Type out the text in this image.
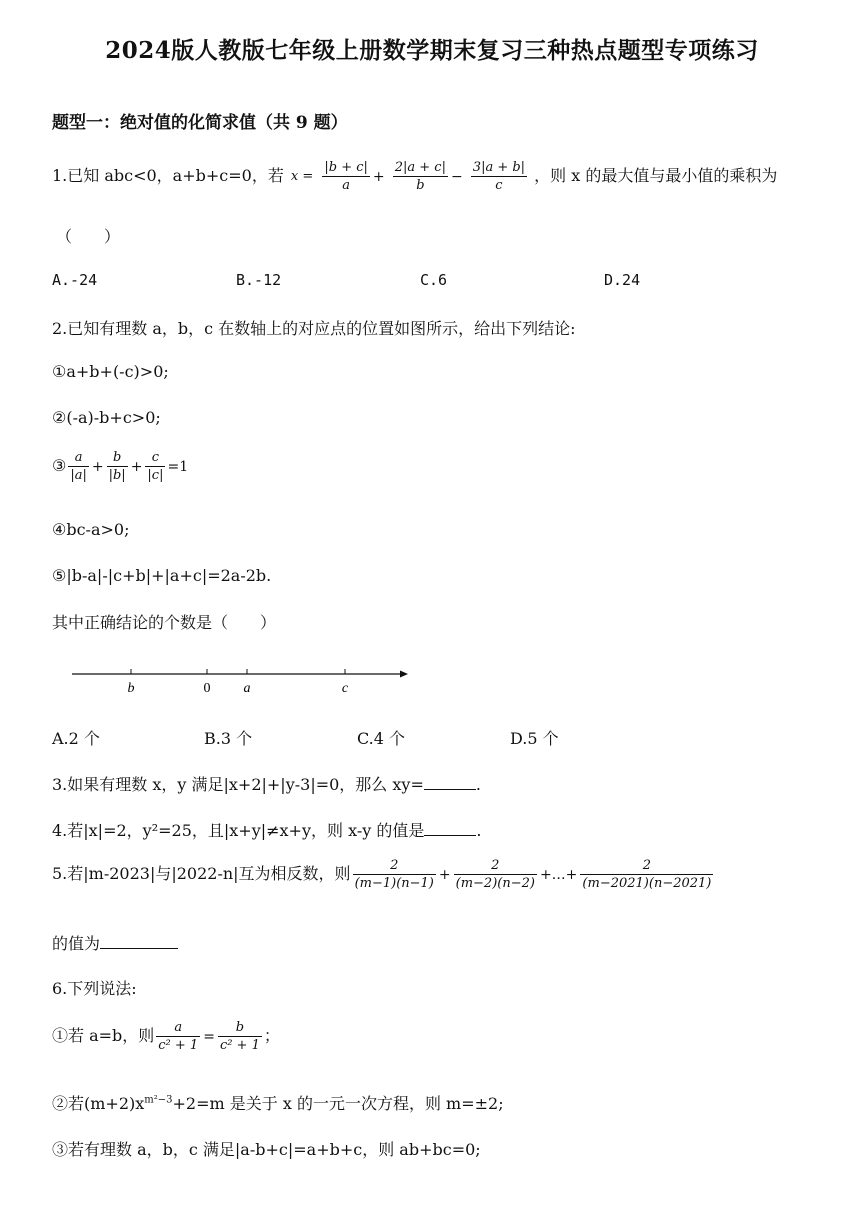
2024版人教版七年级上册数学期末复习三种热点题型专项练习
题型一：绝对值的化简求值（共 9 题）
1.已知 abc<0，a+b+c=0，若 $x = \frac{|b + c|}{a} + \frac{2|a + c|}{b} - \frac{3|a + b|}{c}$ ，则 x 的最大值与最小值的乘积为
（　　）
A.-24	B.-12	C.6	D.24
2.已知有理数 a，b，c 在数轴上的对应点的位置如图所示，给出下列结论:
①a+b+(-c)>0;
②(-a)-b+c>0;
③ $\frac{a}{|a|} + \frac{b}{|b|} + \frac{c}{|c|} =1$
④bc-a>0;
⑤|b-a|-|c+b|+|a+c|=2a-2b.
其中正确结论的个数是（　　）
b	0 a	c
A.2 个	B.3 个	C.4 个	D.5 个
3.如果有理数 x，y 满足|x+2|+|y-3|=0，那么 xy=	.
4.若|x|=2，y²=25，且|x+y|≠x+y，则 x-y 的值是	.
5.若|m-2023|与|2022-n|互为相反数，则 $\frac{2}{(m-1)(n-1)} + \frac{2}{(m-2)(n-2)}$ +…+ $\frac{2}{(m-2021)(n-2021)}$
的值为
6.下列说法:
①若 a=b，则 $\frac{a}{\text{c² + 1}} = \frac{b}{\text{c² + 1}}$ ；
②若$(m+2)x^{m^2-3}+2=m$ 是关于 x 的一元一次方程，则 m=±2;
③若有理数 a，b，c 满足|a-b+c|=a+b+c，则 ab+bc=0;
